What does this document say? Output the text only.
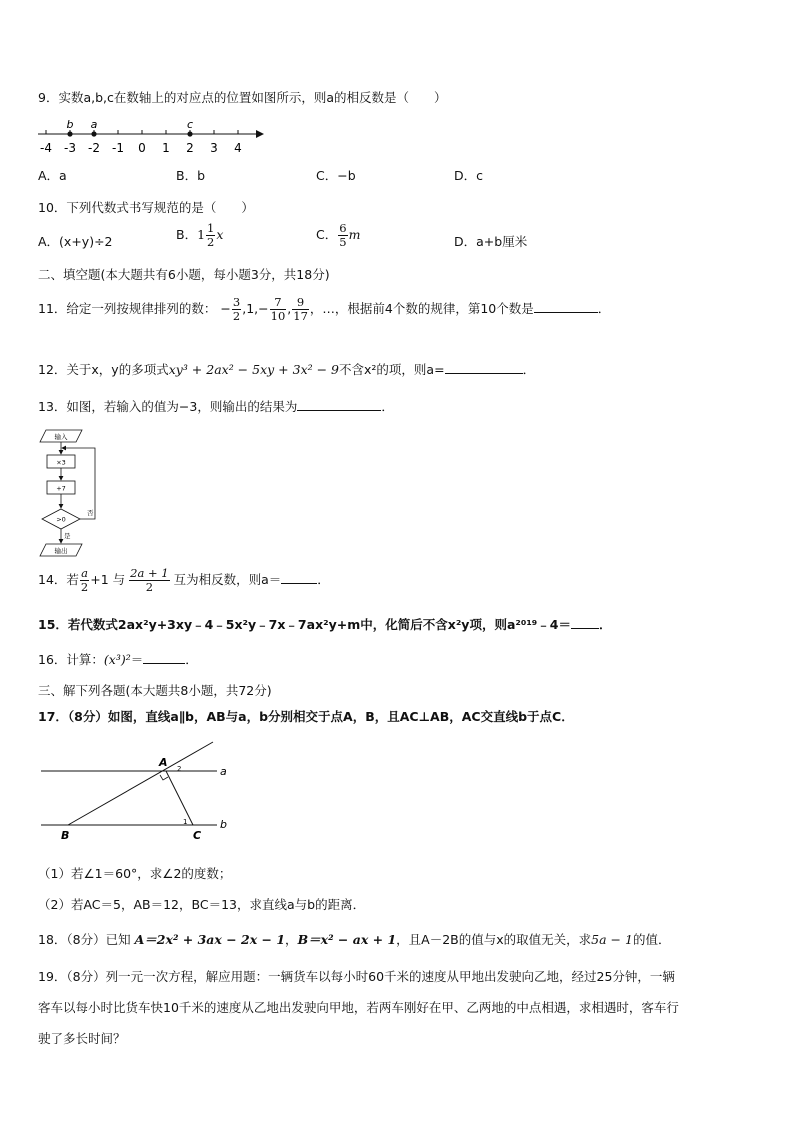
9．实数a,b,c在数轴上的对应点的位置如图所示，则a的相反数是（　　）
-4 -3 -2 -1 0 1 2 3 4
b a	c
A．a	B．b	C．−b	D．c
10．下列代数式书写规范的是（　　）
A．(x+y)÷2	B．$1 \frac{1}{2}$ x	C． $\frac{6}{5}$ m	D．a+b厘米
二、填空题(本大题共有6小题，每小题3分，共18分)
11．给定一列按规律排列的数： − $\frac{3}{2} ,1,- \frac{7}{10}$ , $\frac{9}{17}$ ，…，根据前4个数的规律，第10个数是	．
12．关于x，y的多项式xy³ + 2ax² − 5xy + 3x² − 9不含x²的项，则a=	．
13．如图，若输入的值为−3，则输出的结果为	．
输入
×3
+7
>0
否
是
输出
14．若 $\frac{a}{2} +1$ 与 $\frac{2a + 1}{2}$ 互为相反数，则a＝	．
15．若代数式2ax²y+3xy﹣4﹣5x²y﹣7x﹣7ax²y+m中，化简后不含x²y项，则a²⁰¹⁹﹣4＝ ．
16．计算：(x³)²＝	．
三、解下列各题(本大题共8小题，共72分)
17．（8分）如图，直线a∥b，AB与a，b分别相交于点A，B，且AC⊥AB，AC交直线b于点C．
A 2	a
1	b
B	C
（1）若∠1＝60°，求∠2的度数；
（2）若AC＝5，AB＝12，BC＝13，求直线a与b的距离．
18．（8分）已知 A＝2x² + 3ax − 2x − 1，B＝x² − ax + 1，且A－2B的值与x的取值无关，求5a − 1的值．
19．（8分）列一元一次方程，解应用题：一辆货车以每小时60千米的速度从甲地出发驶向乙地，经过25分钟，一辆
客车以每小时比货车快10千米的速度从乙地出发驶向甲地，若两车刚好在甲、乙两地的中点相遇，求相遇时，客车行
驶了多长时间？
